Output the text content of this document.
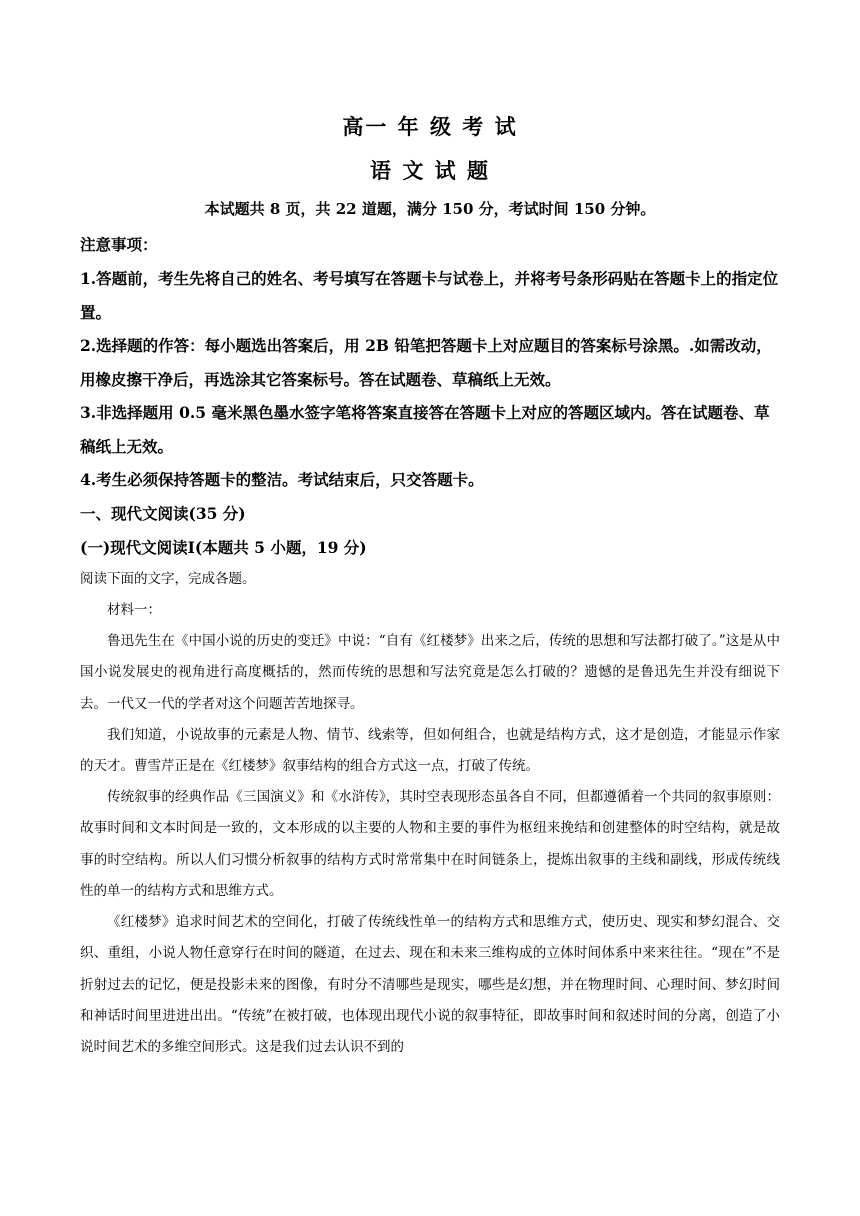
高一 年 级 考 试
语 文 试 题
本试题共 8 页，共 22 道题，满分 150 分，考试时间 150 分钟。
注意事项：
1.答题前，考生先将自己的姓名、考号填写在答题卡与试卷上，并将考号条形码贴在答题卡上的指定位置。
2.选择题的作答：每小题选出答案后，用 2B 铅笔把答题卡上对应题目的答案标号涂黑。.如需改动，用橡皮擦干净后，再选涂其它答案标号。答在试题卷、草稿纸上无效。
3.非选择题用 0.5 毫米黑色墨水签字笔将答案直接答在答题卡上对应的答题区域内。答在试题卷、草稿纸上无效。
4.考生必须保持答题卡的整洁。考试结束后，只交答题卡。
一、现代文阅读(35 分)
(一)现代文阅读Ⅰ(本题共 5 小题，19 分)
阅读下面的文字，完成各题。
材料一：
鲁迅先生在《中国小说的历史的变迁》中说：“自有《红楼梦》出来之后，传统的思想和写法都打破了。”这是从中国小说发展史的视角进行高度概括的，然而传统的思想和写法究竟是怎么打破的？遗憾的是鲁迅先生并没有细说下去。一代又一代的学者对这个问题苦苦地探寻。
我们知道，小说故事的元素是人物、情节、线索等，但如何组合，也就是结构方式，这才是创造，才能显示作家的天才。曹雪芹正是在《红楼梦》叙事结构的组合方式这一点，打破了传统。
传统叙事的经典作品《三国演义》和《水浒传》，其时空表现形态虽各自不同，但都遵循着一个共同的叙事原则：故事时间和文本时间是一致的，文本形成的以主要的人物和主要的事件为枢纽来挽结和创建整体的时空结构，就是故事的时空结构。所以人们习惯分析叙事的结构方式时常常集中在时间链条上，提炼出叙事的主线和副线，形成传统线性的单一的结构方式和思维方式。
《红楼梦》追求时间艺术的空间化，打破了传统线性单一的结构方式和思维方式，使历史、现实和梦幻混合、交织、重组，小说人物任意穿行在时间的隧道，在过去、现在和未来三维构成的立体时间体系中来来往往。“现在”不是折射过去的记忆，便是投影未来的图像，有时分不清哪些是现实，哪些是幻想，并在物理时间、心理时间、梦幻时间和神话时间里进进出出。“传统”在被打破，也体现出现代小说的叙事特征，即故事时间和叙述时间的分离，创造了小说时间艺术的多维空间形式。这是我们过去认识不到的
